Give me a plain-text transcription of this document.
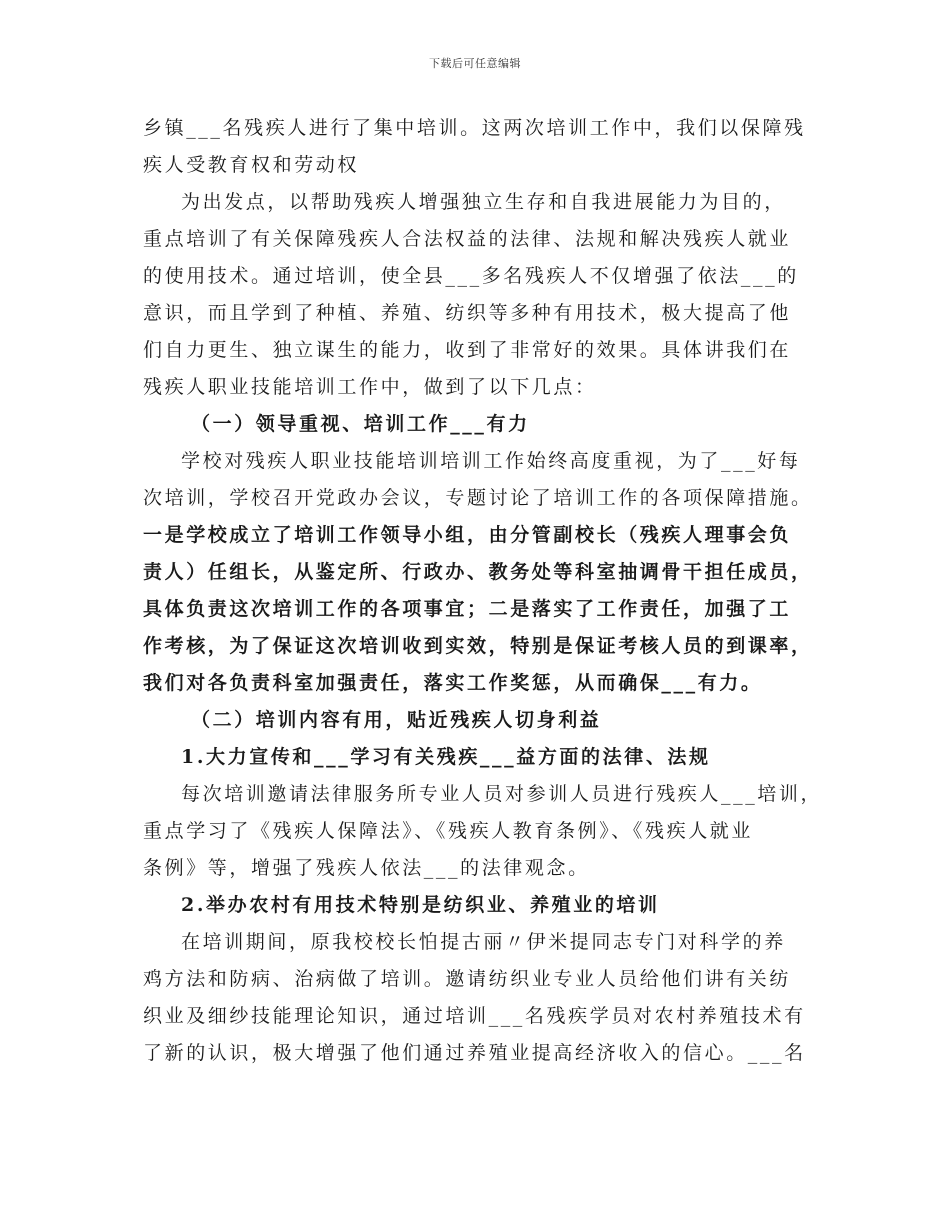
下载后可任意编辑
乡镇___名残疾人进行了集中培训。这两次培训工作中，我们以保障残
疾人受教育权和劳动权
为出发点，以帮助残疾人增强独立生存和自我进展能力为目的，
重点培训了有关保障残疾人合法权益的法律、法规和解决残疾人就业
的使用技术。通过培训，使全县___多名残疾人不仅增强了依法___的
意识，而且学到了种植、养殖、纺织等多种有用技术，极大提高了他
们自力更生、独立谋生的能力，收到了非常好的效果。具体讲我们在
残疾人职业技能培训工作中，做到了以下几点：
（一）领导重视、培训工作___有力
学校对残疾人职业技能培训培训工作始终高度重视，为了___好每
次培训，学校召开党政办会议，专题讨论了培训工作的各项保障措施。
一是学校成立了培训工作领导小组，由分管副校长（残疾人理事会负
责人）任组长，从鉴定所、行政办、教务处等科室抽调骨干担任成员，
具体负责这次培训工作的各项事宜；二是落实了工作责任，加强了工
作考核，为了保证这次培训收到实效，特别是保证考核人员的到课率，
我们对各负责科室加强责任，落实工作奖惩，从而确保___有力。
（二）培训内容有用，贴近残疾人切身利益
1.大力宣传和___学习有关残疾___益方面的法律、法规
每次培训邀请法律服务所专业人员对参训人员进行残疾人___培训，
重点学习了《残疾人保障法》、《残疾人教育条例》、《残疾人就业
条例》等，增强了残疾人依法___的法律观念。
2.举办农村有用技术特别是纺织业、养殖业的培训
在培训期间，原我校校长怕提古丽〃伊米提同志专门对科学的养
鸡方法和防病、治病做了培训。邀请纺织业专业人员给他们讲有关纺
织业及细纱技能理论知识，通过培训___名残疾学员对农村养殖技术有
了新的认识，极大增强了他们通过养殖业提高经济收入的信心。___名
